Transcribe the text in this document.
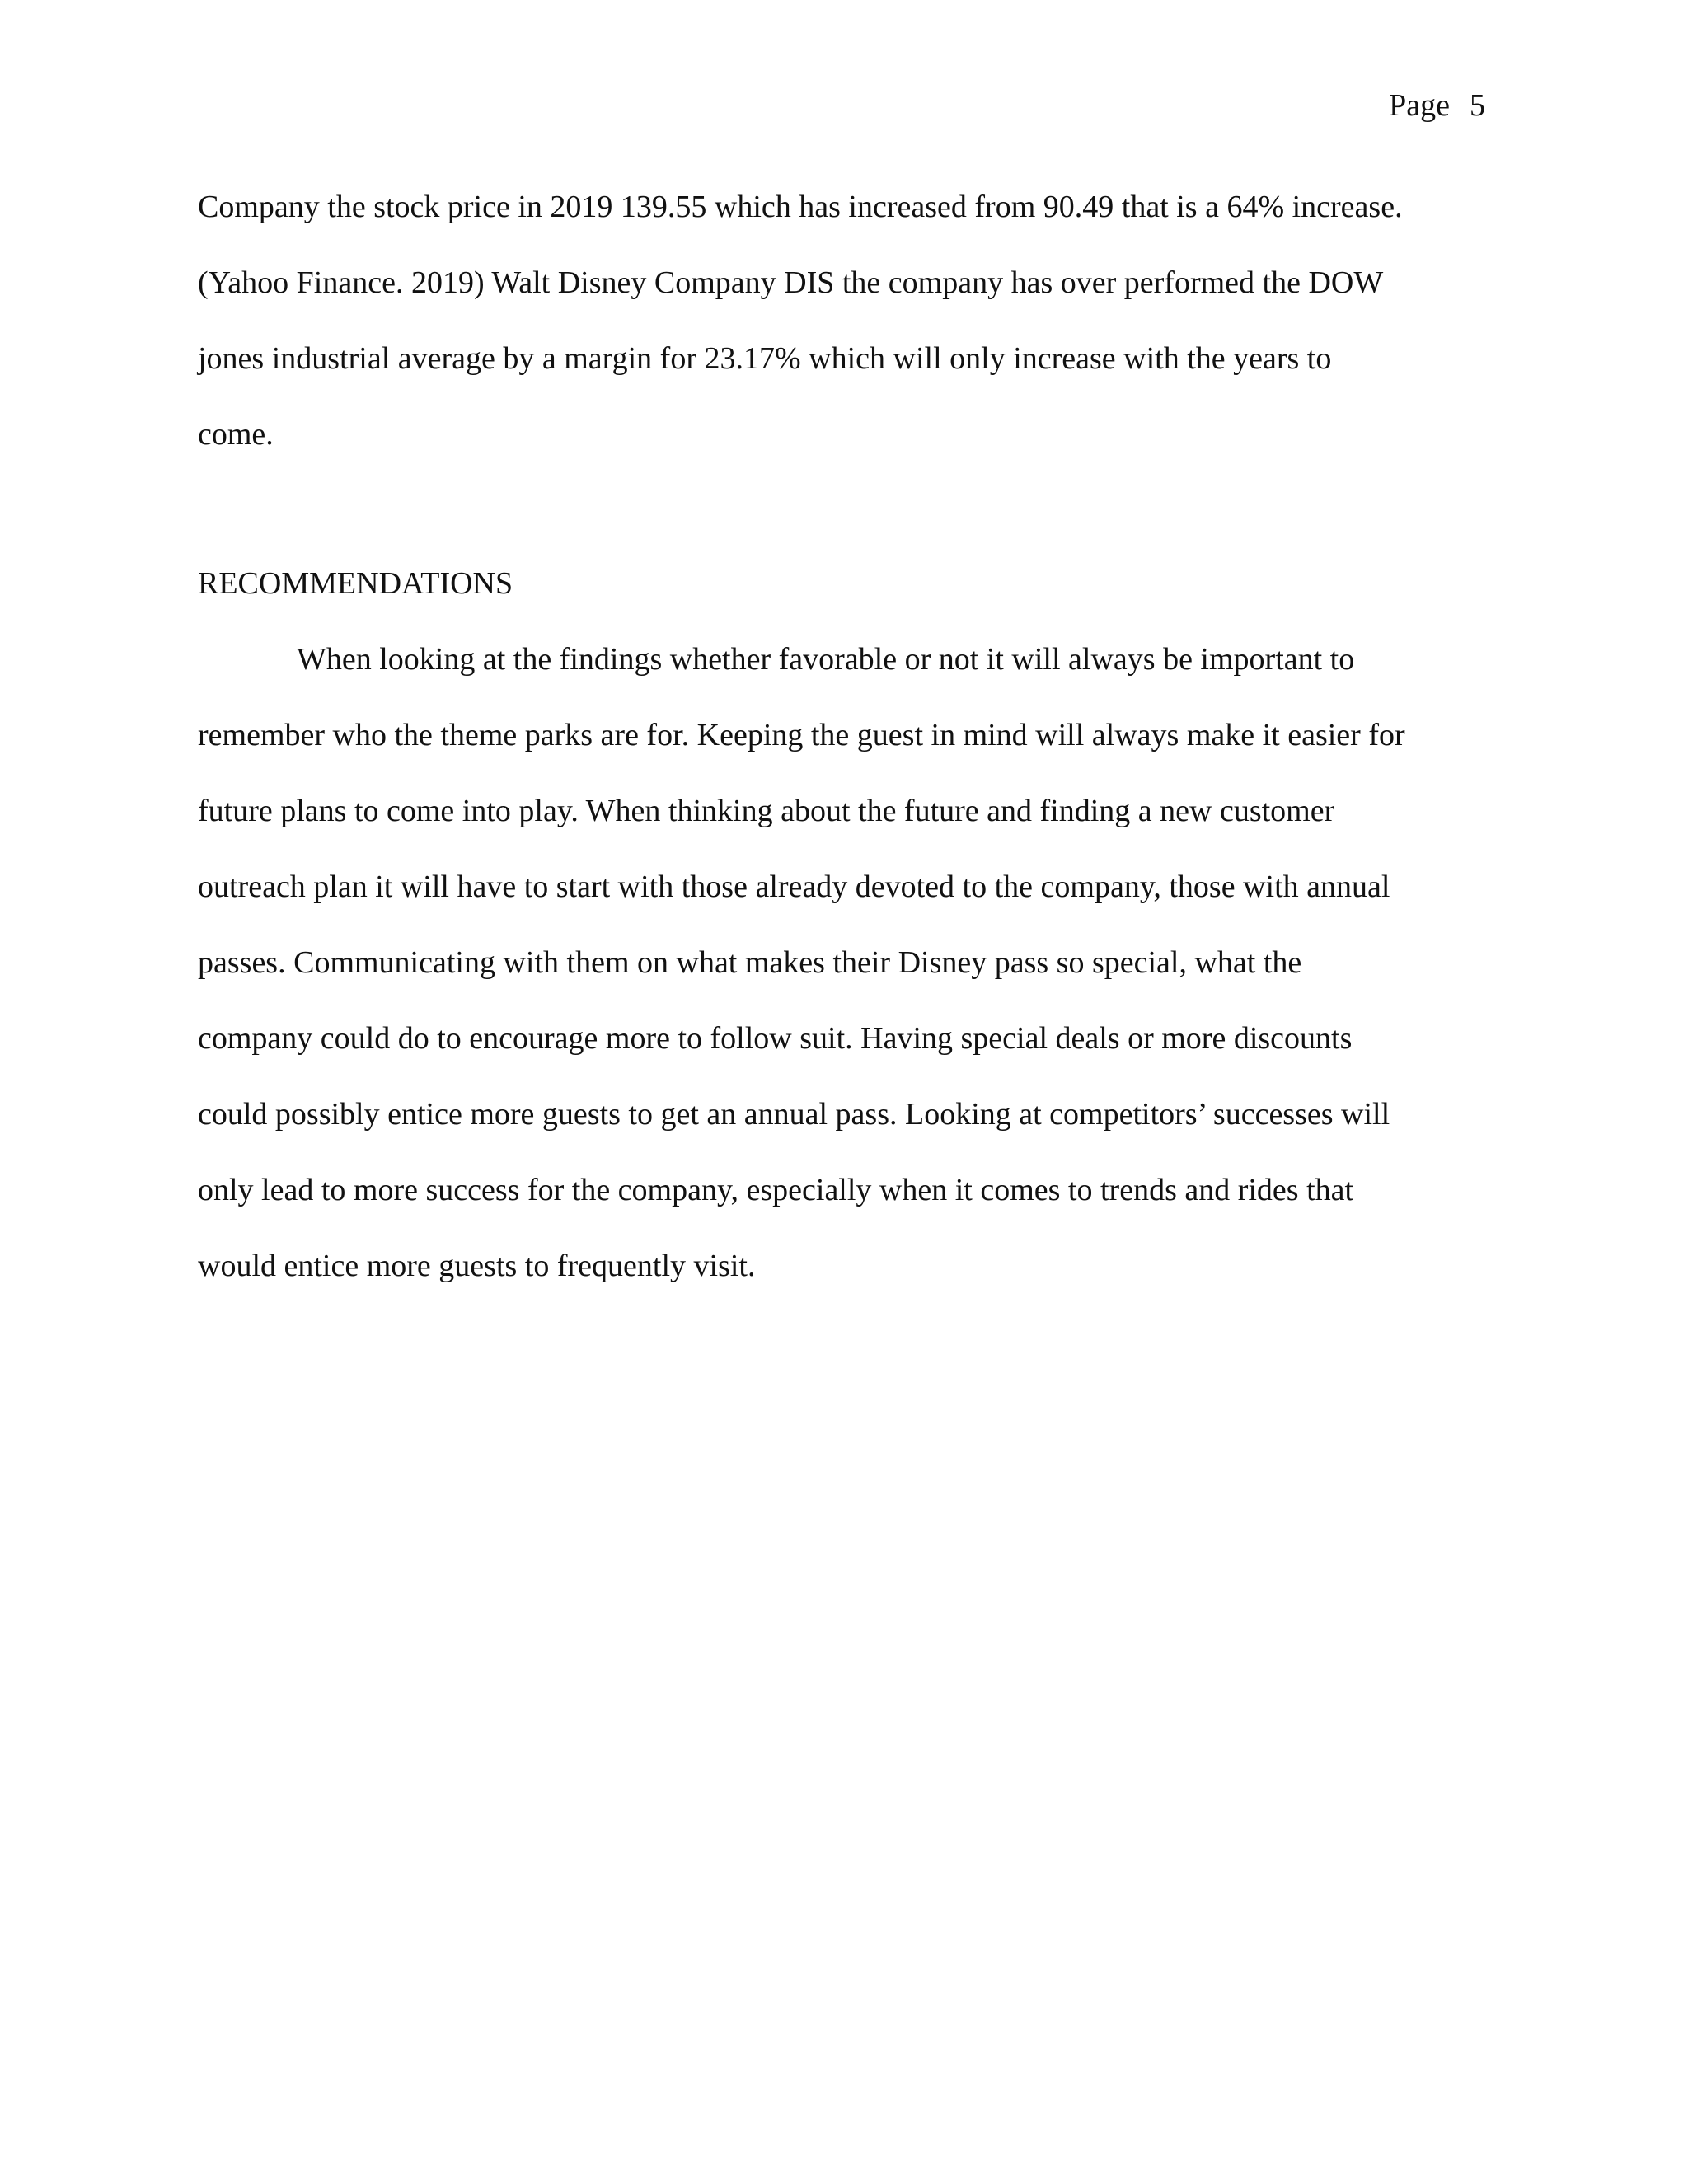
Page 5

Company the stock price in 2019 139.55 which has increased from 90.49 that is a 64% increase.
(Yahoo Finance. 2019) Walt Disney Company DIS the company has over performed the DOW
jones industrial average by a margin for 23.17% which will only increase with the years to
come.

RECOMMENDATIONS

When looking at the findings whether favorable or not it will always be important to
remember who the theme parks are for. Keeping the guest in mind will always make it easier for
future plans to come into play. When thinking about the future and finding a new customer
outreach plan it will have to start with those already devoted to the company, those with annual
passes. Communicating with them on what makes their Disney pass so special, what the
company could do to encourage more to follow suit. Having special deals or more discounts
could possibly entice more guests to get an annual pass. Looking at competitors’ successes will
only lead to more success for the company, especially when it comes to trends and rides that
would entice more guests to frequently visit.
